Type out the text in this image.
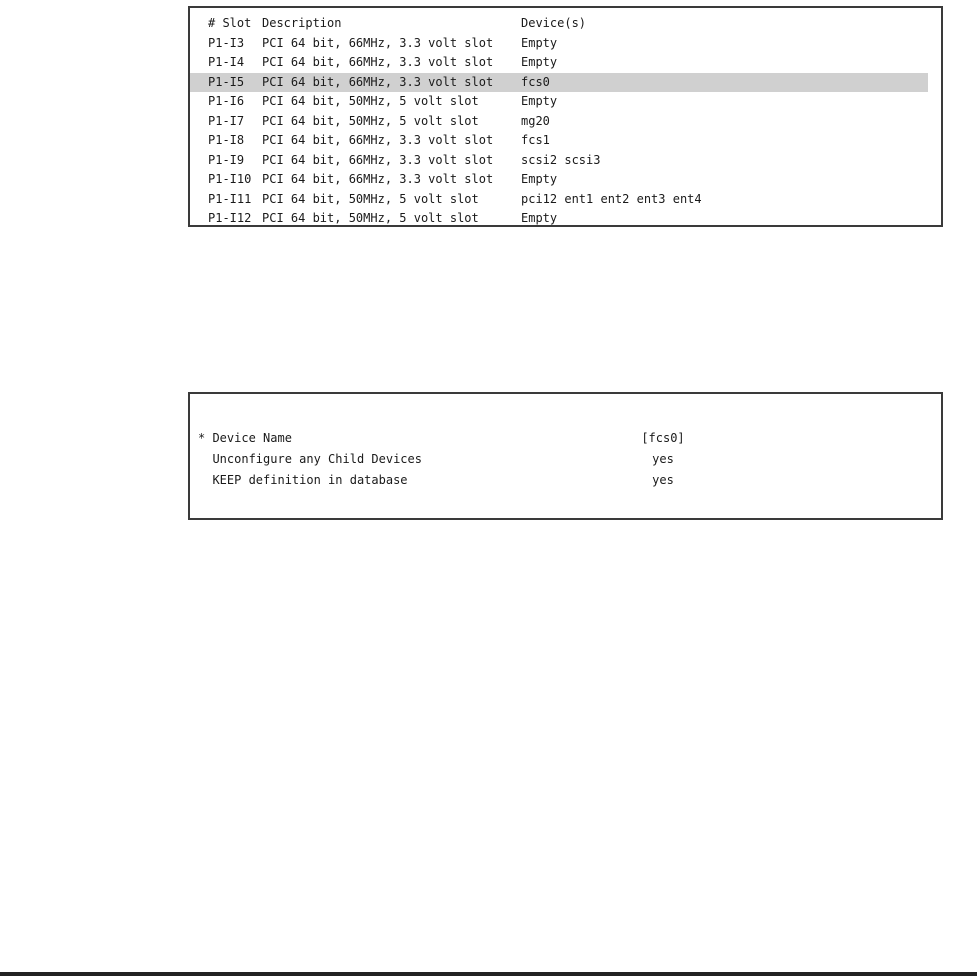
# Slot Description	Device(s)
P1-I3	PCI 64 bit, 66MHz, 3.3 volt slot	Empty
P1-I4	PCI 64 bit, 66MHz, 3.3 volt slot	Empty
P1-I5	PCI 64 bit, 66MHz, 3.3 volt slot	fcs0
P1-I6	PCI 64 bit, 50MHz, 5 volt slot	Empty
P1-I7	PCI 64 bit, 50MHz, 5 volt slot	mg20
P1-I8	PCI 64 bit, 66MHz, 3.3 volt slot	fcs1
P1-I9	PCI 64 bit, 66MHz, 3.3 volt slot	scsi2 scsi3
P1-I10 PCI 64 bit, 66MHz, 3.3 volt slot	Empty
P1-I11 PCI 64 bit, 50MHz, 5 volt slot	pci12 ent1 ent2 ent3 ent4
P1-I12 PCI 64 bit, 50MHz, 5 volt slot	Empty
* Device Name	[fcs0]
Unconfigure any Child Devices	yes
KEEP definition in database	yes
